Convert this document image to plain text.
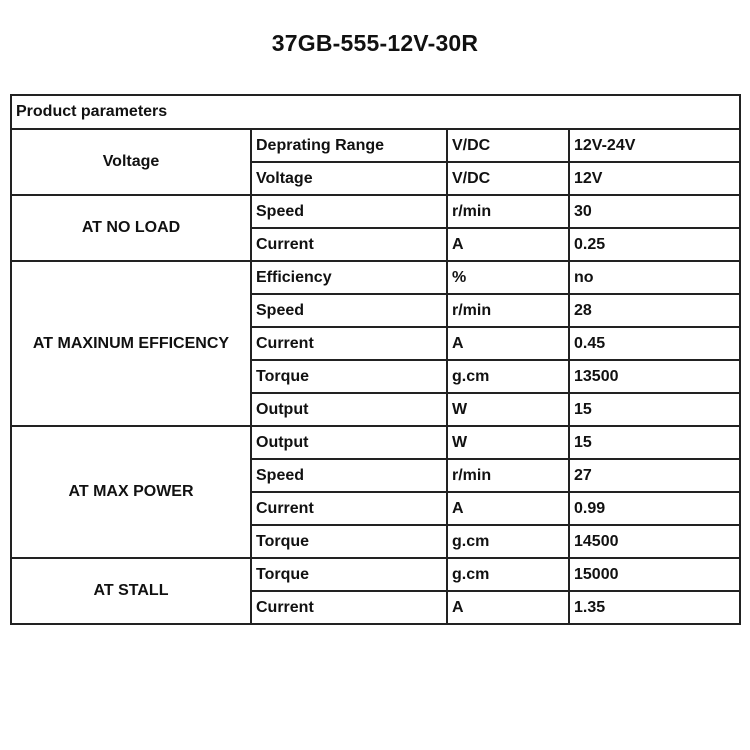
37GB-555-12V-30R
Product parameters			
Voltage	Deprating Range	V/DC	12V-24V
	Voltage	V/DC	12V
AT NO LOAD	Speed	r/min	30
	Current	A	0.25
AT MAXINUM EFFICENCY	Efficiency	%	no
	Speed	r/min	28
	Current	A	0.45
	Torque	g.cm	13500
	Output	W	15
AT MAX POWER	Output	W	15
	Speed	r/min	27
	Current	A	0.99
	Torque	g.cm	14500
AT STALL	Torque	g.cm	15000
	Current	A	1.35
